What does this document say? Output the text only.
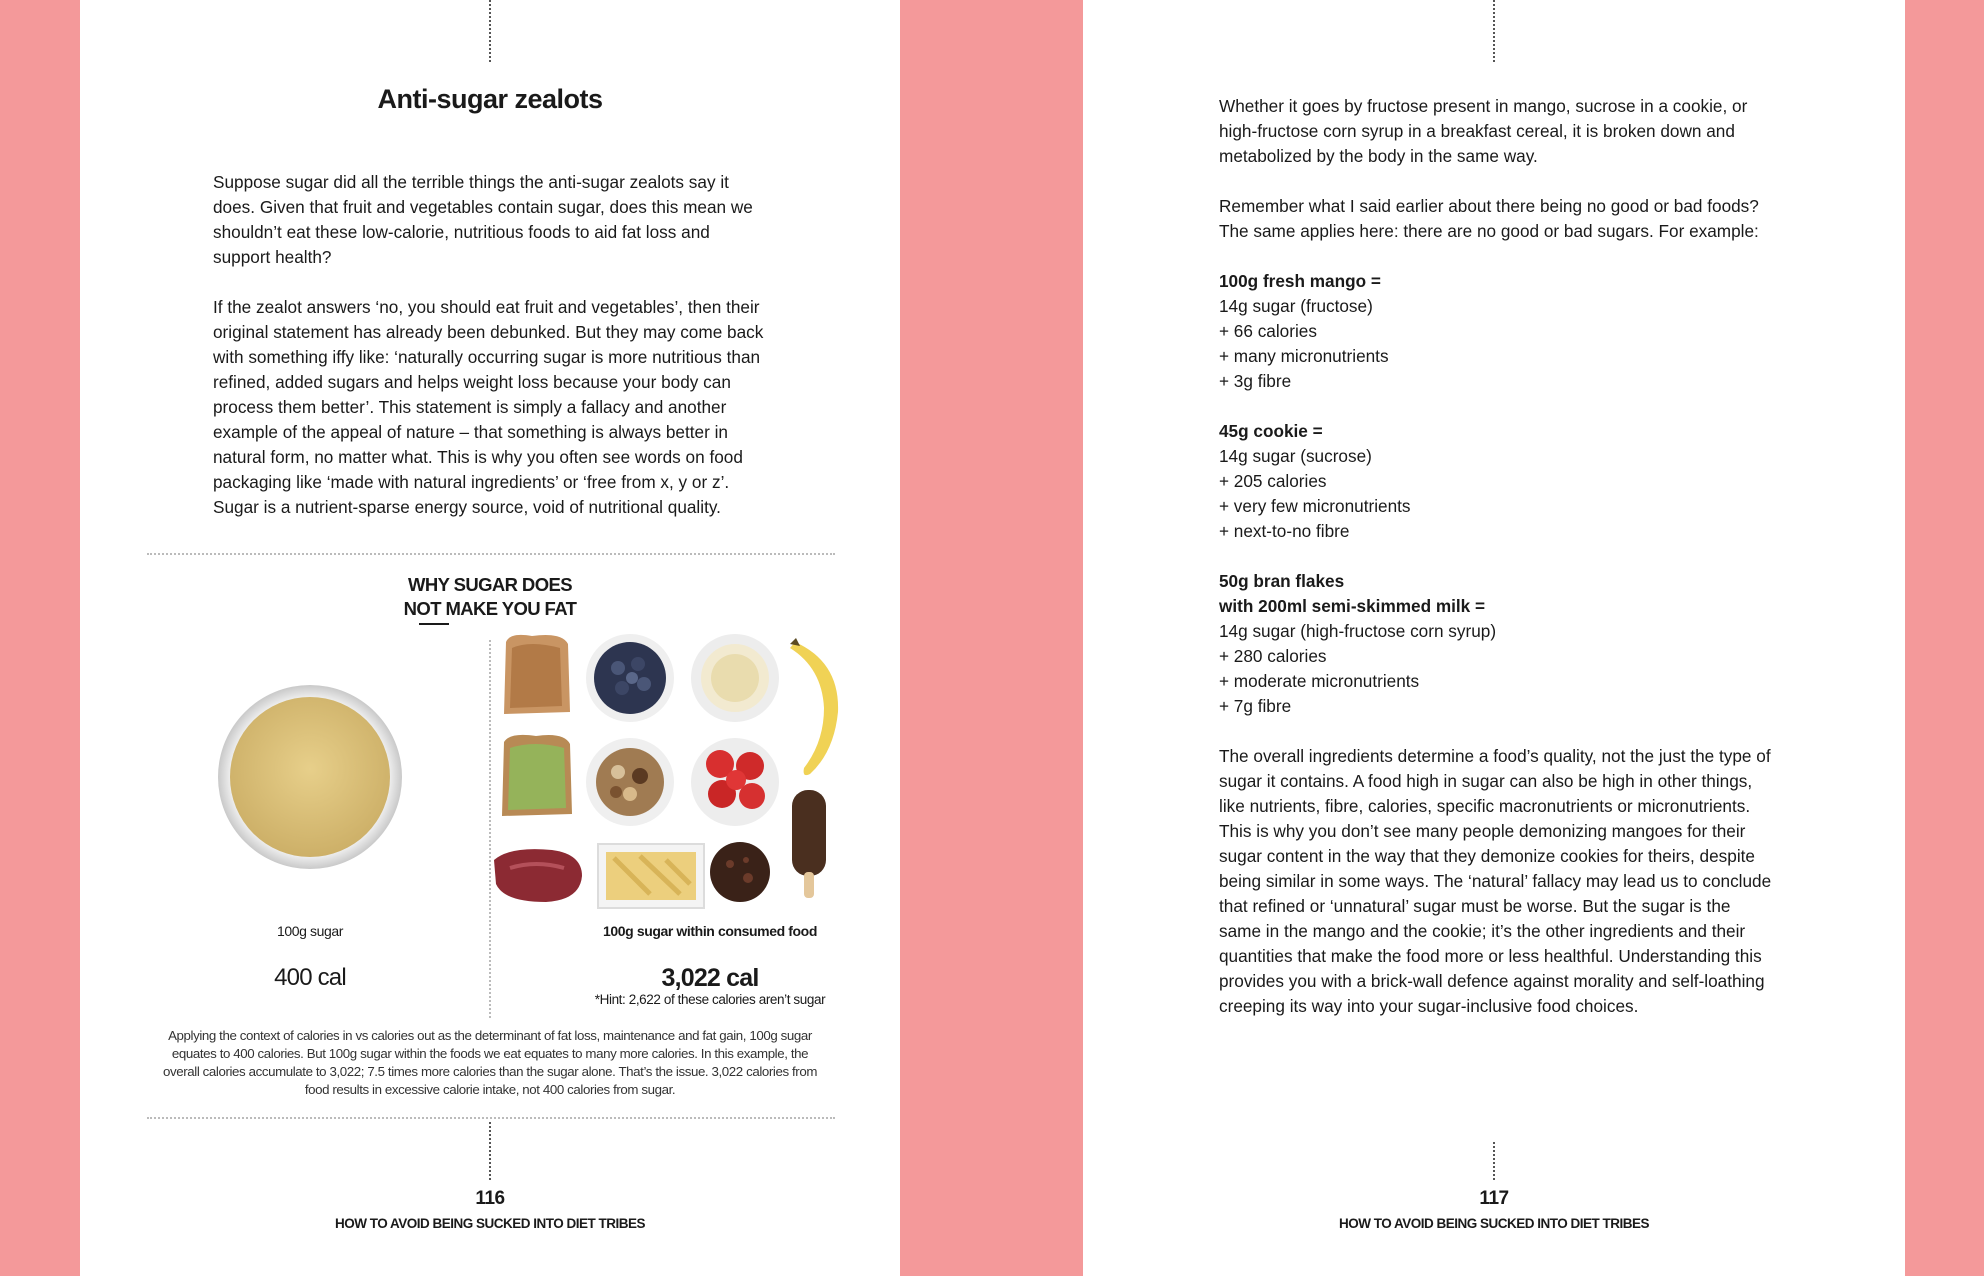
Anti-sugar zealots

Suppose sugar did all the terrible things the anti-sugar zealots say it does. Given that fruit and vegetables contain sugar, does this mean we shouldn’t eat these low-calorie, nutritious foods to aid fat loss and support health?

If the zealot answers ‘no, you should eat fruit and vegetables’, then their original statement has already been debunked. But they may come back with something iffy like: ‘naturally occurring sugar is more nutritious than refined, added sugars and helps weight loss because your body can process them better’. This statement is simply a fallacy and another example of the appeal of nature – that something is always better in natural form, no matter what. This is why you often see words on food packaging like ‘made with natural ingredients’ or ‘free from x, y or z’. Sugar is a nutrient-sparse energy source, void of nutritional quality.

WHY SUGAR DOES
NOT MAKE YOU FAT
100g sugar
400 cal
100g sugar within consumed food
3,022 cal
*Hint: 2,622 of these calories aren’t sugar

Applying the context of calories in vs calories out as the determinant of fat loss, maintenance and fat gain, 100g sugar equates to 400 calories. But 100g sugar within the foods we eat equates to many more calories. In this example, the overall calories accumulate to 3,022; 7.5 times more calories than the sugar alone. That’s the issue. 3,022 calories from food results in excessive calorie intake, not 400 calories from sugar.

116
HOW TO AVOID BEING SUCKED INTO DIET TRIBES

Whether it goes by fructose present in mango, sucrose in a cookie, or high-fructose corn syrup in a breakfast cereal, it is broken down and metabolized by the body in the same way.

Remember what I said earlier about there being no good or bad foods? The same applies here: there are no good or bad sugars. For example:

100g fresh mango =
14g sugar (fructose)
+ 66 calories
+ many micronutrients
+ 3g fibre
45g cookie =
14g sugar (sucrose)
+ 205 calories
+ very few micronutrients
+ next-to-no fibre
50g bran flakes
with 200ml semi-skimmed milk =
14g sugar (high-fructose corn syrup)
+ 280 calories
+ moderate micronutrients
+ 7g fibre

The overall ingredients determine a food’s quality, not the just the type of sugar it contains. A food high in sugar can also be high in other things, like nutrients, fibre, calories, specific macronutrients or micronutrients. This is why you don’t see many people demonizing mangoes for their sugar content in the way that they demonize cookies for theirs, despite being similar in some ways. The ‘natural’ fallacy may lead us to conclude that refined or ‘unnatural’ sugar must be worse. But the sugar is the same in the mango and the cookie; it’s the other ingredients and their quantities that make the food more or less healthful. Understanding this provides you with a brick-wall defence against morality and self-loathing creeping its way into your sugar-inclusive food choices.

117
HOW TO AVOID BEING SUCKED INTO DIET TRIBES
